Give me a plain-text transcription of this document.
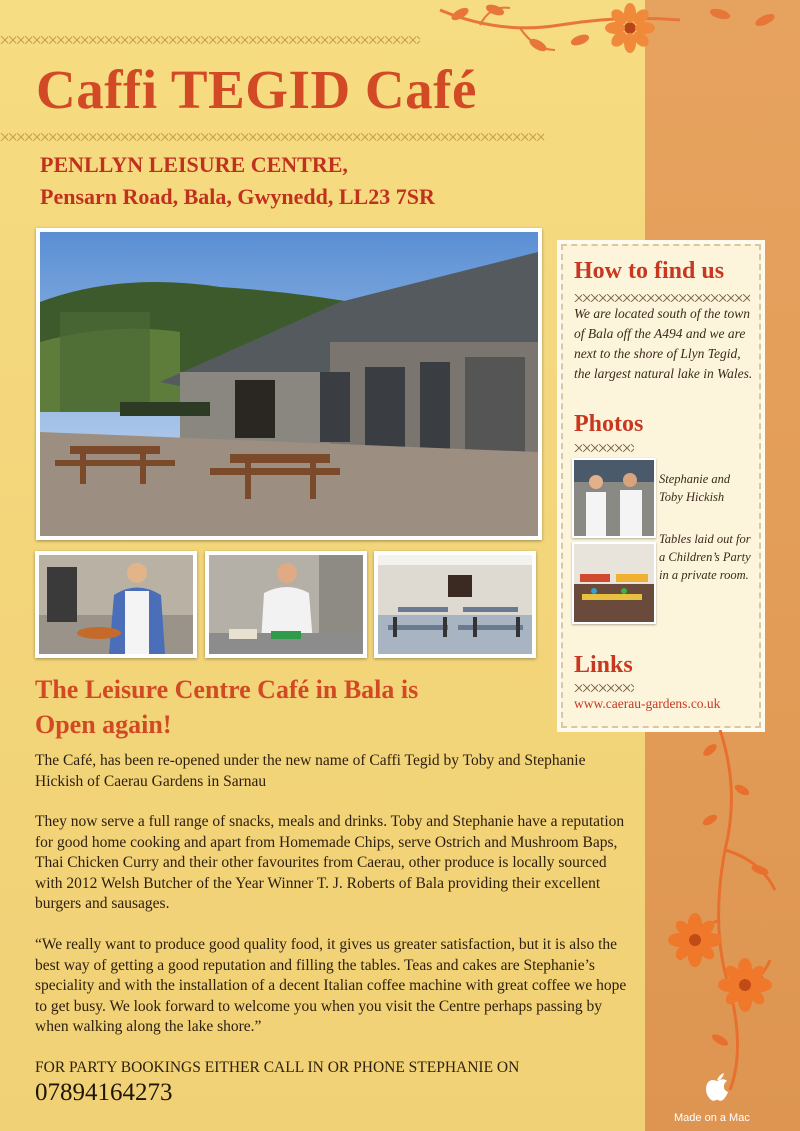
Caffi TEGID Café
PENLLYN LEISURE CENTRE,
Pensarn Road, Bala, Gwynedd, LL23 7SR
How to find us
We are located south of the town of Bala off the A494 and we are next to the shore of Llyn Tegid, the largest natural lake in Wales.
Photos
Stephanie and Toby Hickish
Tables laid out for a Children’s Party in a private room.
Links
www.caerau-gardens.co.uk
The Leisure Centre Café in Bala is Open again!

The Café, has been re-opened under the new name of Caffi Tegid by Toby and Stephanie Hickish of Caerau Gardens in Sarnau

They now serve a full range of snacks, meals and drinks. Toby and Stephanie have a reputation for good home cooking and apart from Homemade Chips, serve Ostrich and Mushroom Baps, Thai Chicken Curry and their other favourites from Caerau, other produce is locally sourced with 2012 Welsh Butcher of the Year Winner T. J. Roberts of Bala providing their excellent burgers and sausages.

“We really want to produce good quality food, it gives us greater satisfaction, but it is also the best way of getting a good reputation and filling the tables. Teas and cakes are Stephanie’s speciality and with the installation of a decent Italian coffee machine with great coffee we hope to get busy. We look forward to welcome you when you visit the Centre perhaps passing by when walking along the lake shore.”

FOR PARTY BOOKINGS EITHER CALL IN OR PHONE STEPHANIE ON
07894164273
Made on a Mac
